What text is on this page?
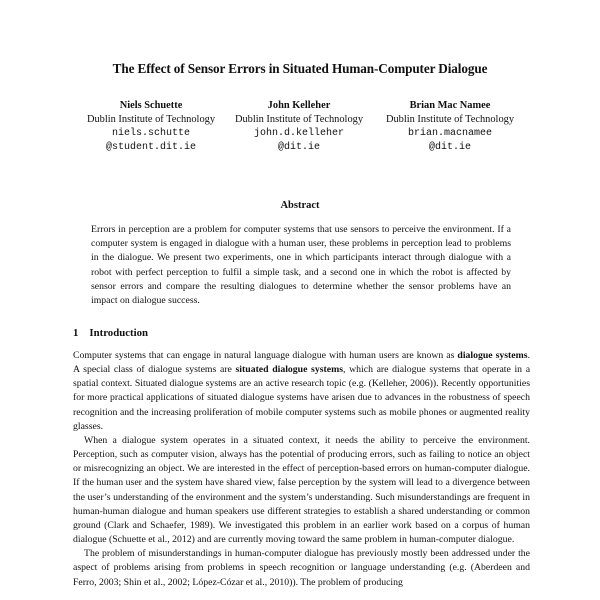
The Effect of Sensor Errors in Situated Human-Computer Dialogue
Niels Schuette
Dublin Institute of Technology
niels.schutte
@student.dit.ie
John Kelleher
Dublin Institute of Technology
john.d.kelleher
@dit.ie
Brian Mac Namee
Dublin Institute of Technology
brian.macnamee
@dit.ie
Abstract
Errors in perception are a problem for computer systems that use sensors to perceive the environment. If a computer system is engaged in dialogue with a human user, these problems in perception lead to problems in the dialogue. We present two experiments, one in which participants interact through dialogue with a robot with perfect perception to fulfil a simple task, and a second one in which the robot is affected by sensor errors and compare the resulting dialogues to determine whether the sensor problems have an impact on dialogue success.
1 Introduction

Computer systems that can engage in natural language dialogue with human users are known as dialogue systems. A special class of dialogue systems are situated dialogue systems, which are dialogue systems that operate in a spatial context. Situated dialogue systems are an active research topic (e.g. (Kelleher, 2006)). Recently opportunities for more practical applications of situated dialogue systems have arisen due to advances in the robustness of speech recognition and the increasing proliferation of mobile computer systems such as mobile phones or augmented reality glasses.

When a dialogue system operates in a situated context, it needs the ability to perceive the environment. Perception, such as computer vision, always has the potential of producing errors, such as failing to notice an object or misrecognizing an object. We are interested in the effect of perception-based errors on human-computer dialogue. If the human user and the system have shared view, false perception by the system will lead to a divergence between the user’s understanding of the environment and the system’s understanding. Such misunderstandings are frequent in human-human dialogue and human speakers use different strategies to establish a shared understanding or common ground (Clark and Schaefer, 1989). We investigated this problem in an earlier work based on a corpus of human dialogue (Schuette et al., 2012) and are currently moving toward the same problem in human-computer dialogue.

The problem of misunderstandings in human-computer dialogue has previously mostly been addressed under the aspect of problems arising from problems in speech recognition or language understanding (e.g. (Aberdeen and Ferro, 2003; Shin et al., 2002; López-Cózar et al., 2010)). The problem of producing
